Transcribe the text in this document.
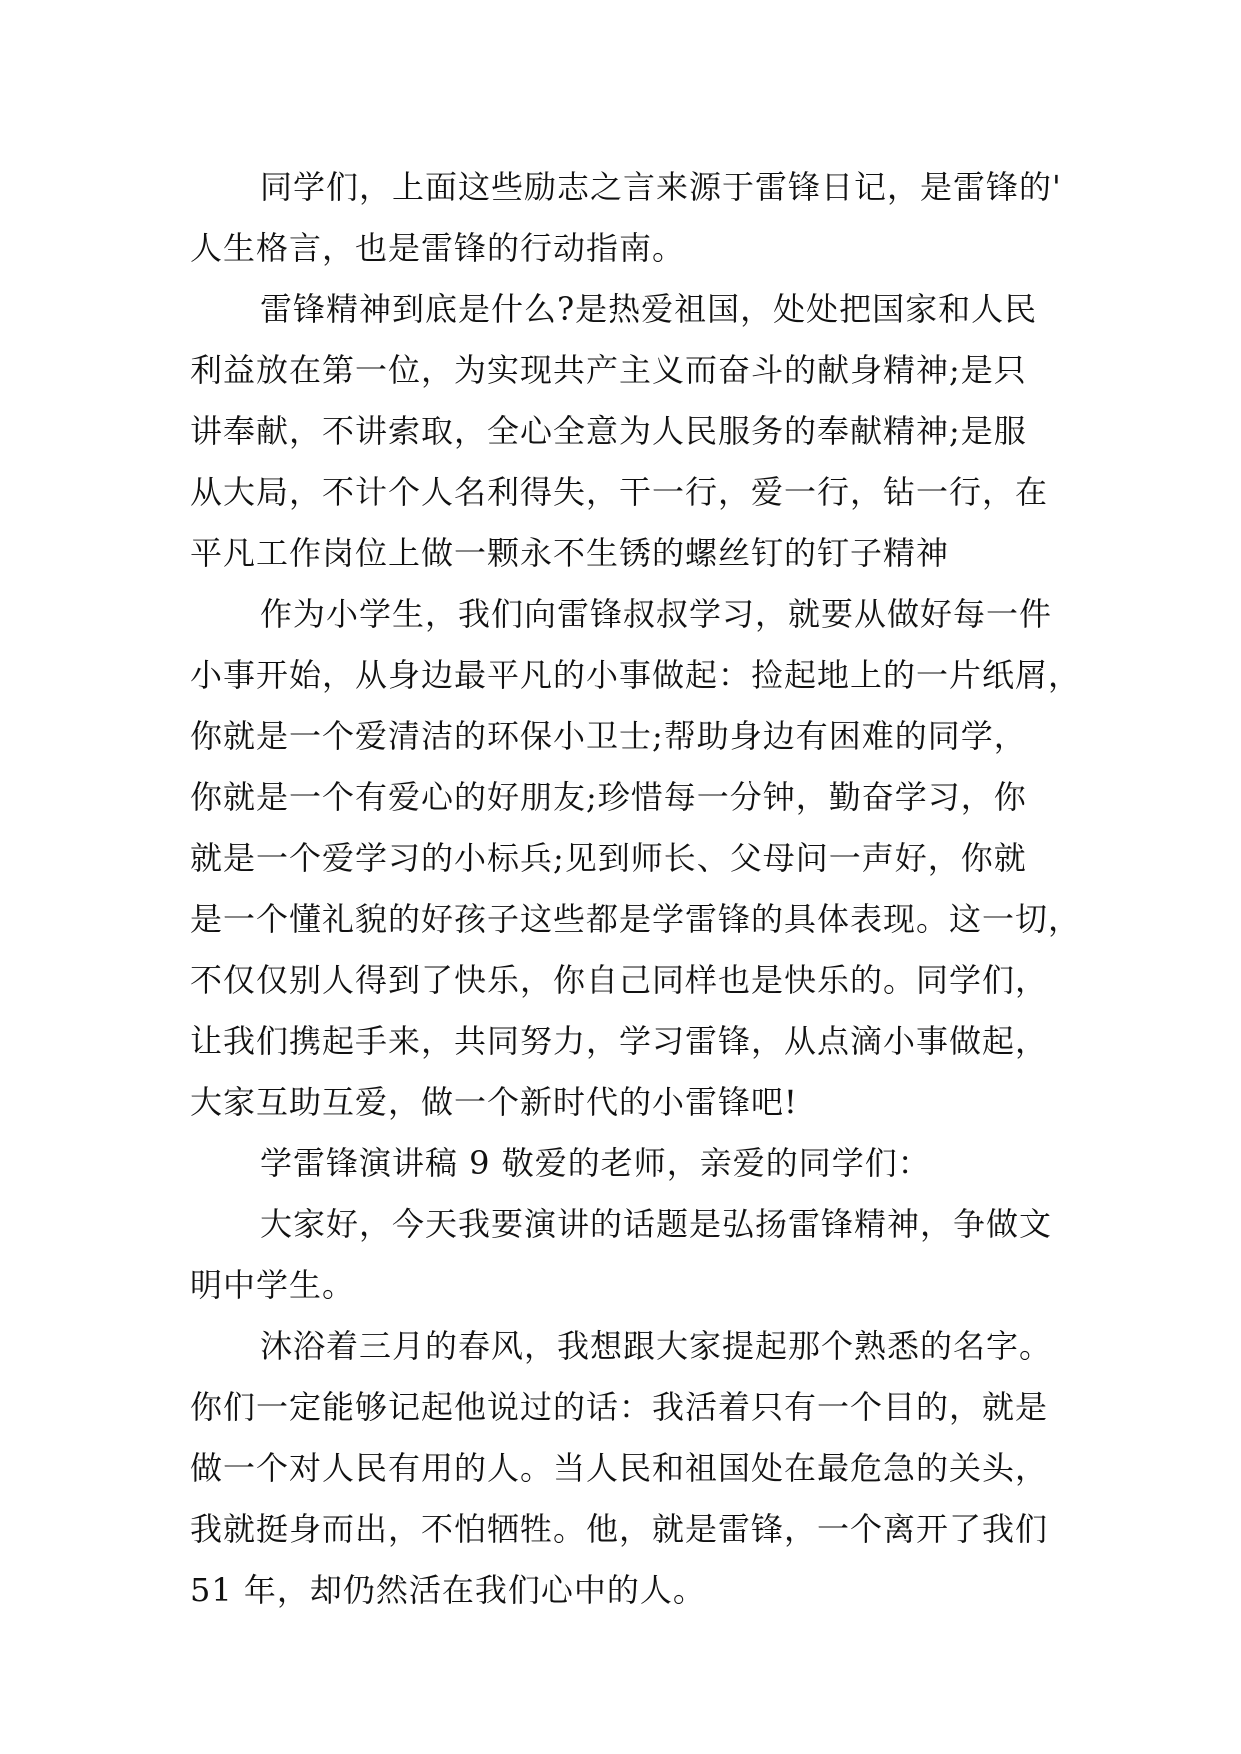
同学们，上面这些励志之言来源于雷锋日记，是雷锋的'
人生格言，也是雷锋的行动指南。
雷锋精神到底是什么?是热爱祖国，处处把国家和人民
利益放在第一位，为实现共产主义而奋斗的献身精神;是只
讲奉献，不讲索取，全心全意为人民服务的奉献精神;是服
从大局，不计个人名利得失，干一行，爱一行，钻一行，在
平凡工作岗位上做一颗永不生锈的螺丝钉的钉子精神
作为小学生，我们向雷锋叔叔学习，就要从做好每一件
小事开始，从身边最平凡的小事做起：捡起地上的一片纸屑，
你就是一个爱清洁的环保小卫士;帮助身边有困难的同学，
你就是一个有爱心的好朋友;珍惜每一分钟，勤奋学习，你
就是一个爱学习的小标兵;见到师长、父母问一声好，你就
是一个懂礼貌的好孩子这些都是学雷锋的具体表现。这一切，
不仅仅别人得到了快乐，你自己同样也是快乐的。同学们，
让我们携起手来，共同努力，学习雷锋，从点滴小事做起，
大家互助互爱，做一个新时代的小雷锋吧!
学雷锋演讲稿 9 敬爱的老师，亲爱的同学们：
大家好，今天我要演讲的话题是弘扬雷锋精神，争做文
明中学生。
沐浴着三月的春风，我想跟大家提起那个熟悉的名字。
你们一定能够记起他说过的话：我活着只有一个目的，就是
做一个对人民有用的人。当人民和祖国处在最危急的关头，
我就挺身而出，不怕牺牲。他，就是雷锋，一个离开了我们
51 年，却仍然活在我们心中的人。
